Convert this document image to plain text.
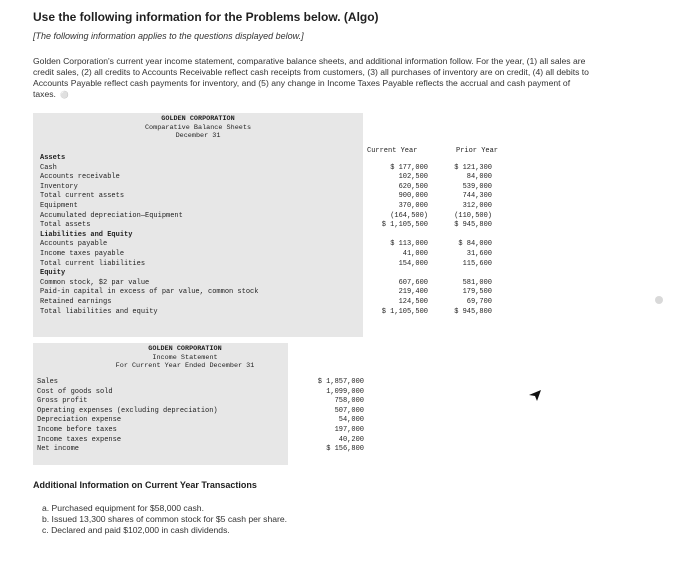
Use the following information for the Problems below. (Algo)
[The following information applies to the questions displayed below.]
Golden Corporation's current year income statement, comparative balance sheets, and additional information follow. For the year, (1) all sales are credit sales, (2) all credits to Accounts Receivable reflect cash receipts from customers, (3) all purchases of inventory are on credit, (4) all debits to Accounts Payable reflect cash payments for inventory, and (5) any change in Income Taxes Payable reflects the accrual and cash payment of taxes. ⚪
GOLDEN CORPORATION
Comparative Balance Sheets
December 31
Current Year	Prior Year
Assets
Cash
Accounts receivable
Inventory
Total current assets
Equipment
Accumulated depreciation—Equipment
Total assets
Liabilities and Equity
Accounts payable
Income taxes payable
Total current liabilities
Equity
Common stock, $2 par value
Paid-in capital in excess of par value, common stock
Retained earnings
Total liabilities and equity
$ 177,000
102,500
620,500
900,000
370,000
(164,500)
$ 1,105,500
$ 113,000
41,000
154,000
607,600
219,400
124,500
$ 1,105,500
$ 121,300
84,000
539,000
744,300
312,000
(110,500)
$ 945,800
$ 84,000
31,600
115,600
581,000
179,500
69,700
$ 945,800
GOLDEN CORPORATION
Income Statement
For Current Year Ended December 31
Sales
Cost of goods sold
Gross profit
Operating expenses (excluding depreciation)
Depreciation expense
Income before taxes
Income taxes expense
Net income
$ 1,857,000
1,099,000
758,000
507,000
54,000
197,000
40,200
$ 156,800
Additional Information on Current Year Transactions
a. Purchased equipment for $58,000 cash.
b. Issued 13,300 shares of common stock for $5 cash per share.
c. Declared and paid $102,000 in cash dividends.
